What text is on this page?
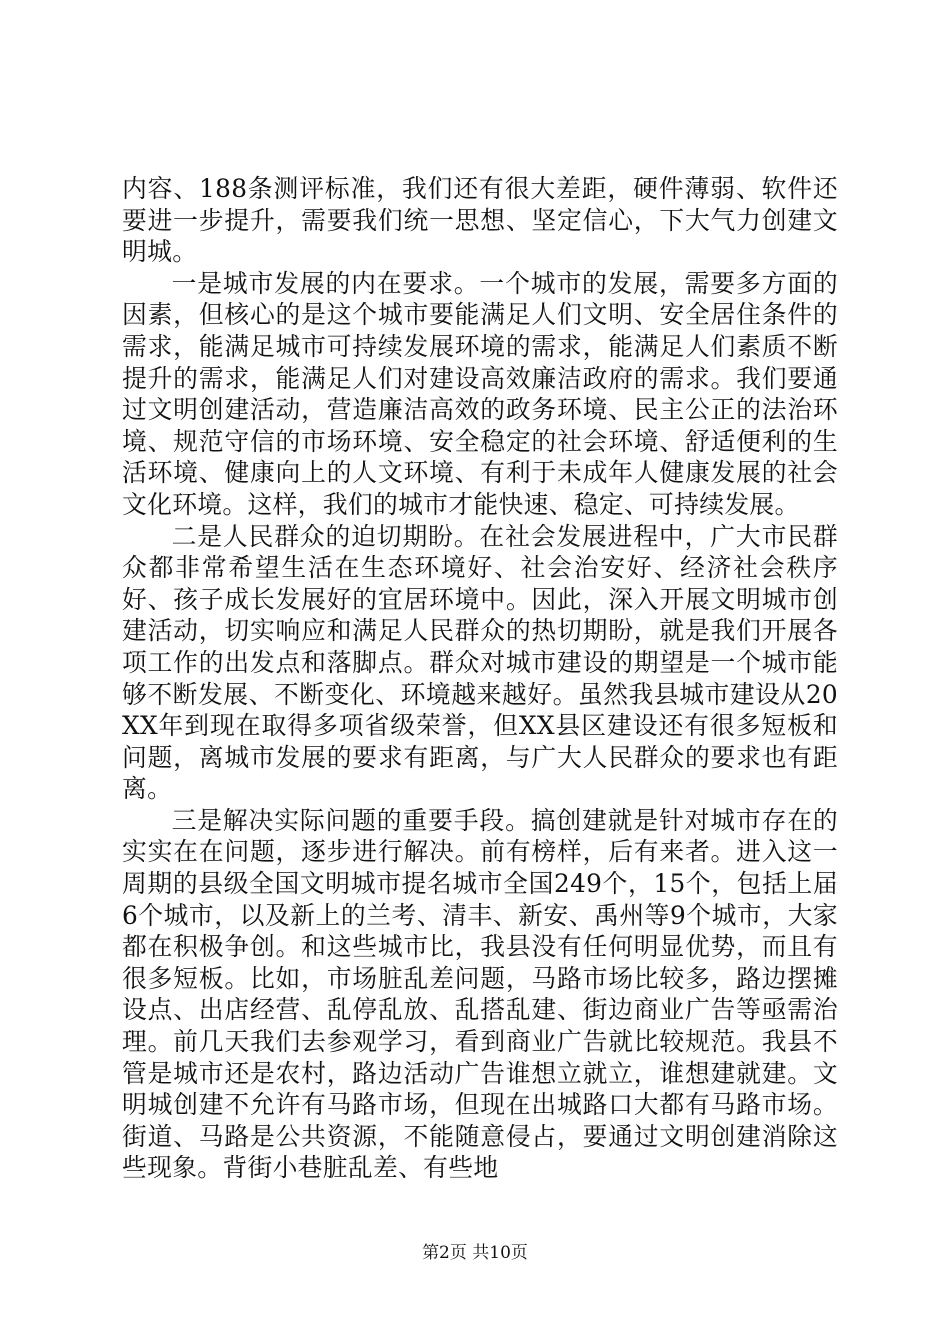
内容、188条测评标准，我们还有很大差距，硬件薄弱、软件还要进一步提升，需要我们统一思想、坚定信心，下大气力创建文明城。

一是城市发展的内在要求。一个城市的发展，需要多方面的因素，但核心的是这个城市要能满足人们文明、安全居住条件的需求，能满足城市可持续发展环境的需求，能满足人们素质不断提升的需求，能满足人们对建设高效廉洁政府的需求。我们要通过文明创建活动，营造廉洁高效的政务环境、民主公正的法治环境、规范守信的市场环境、安全稳定的社会环境、舒适便利的生活环境、健康向上的人文环境、有利于未成年人健康发展的社会文化环境。这样，我们的城市才能快速、稳定、可持续发展。

二是人民群众的迫切期盼。在社会发展进程中，广大市民群众都非常希望生活在生态环境好、社会治安好、经济社会秩序好、孩子成长发展好的宜居环境中。因此，深入开展文明城市创建活动，切实响应和满足人民群众的热切期盼，就是我们开展各项工作的出发点和落脚点。群众对城市建设的期望是一个城市能够不断发展、不断变化、环境越来越好。虽然我县城市建设从20XX年到现在取得多项省级荣誉，但XX县区建设还有很多短板和问题，离城市发展的要求有距离，与广大人民群众的要求也有距离。

三是解决实际问题的重要手段。搞创建就是针对城市存在的实实在在问题，逐步进行解决。前有榜样，后有来者。进入这一周期的县级全国文明城市提名城市全国249个，15个，包括上届6个城市，以及新上的兰考、清丰、新安、禹州等9个城市，大家都在积极争创。和这些城市比，我县没有任何明显优势，而且有很多短板。比如，市场脏乱差问题，马路市场比较多，路边摆摊设点、出店经营、乱停乱放、乱搭乱建、街边商业广告等亟需治理。前几天我们去参观学习，看到商业广告就比较规范。我县不管是城市还是农村，路边活动广告谁想立就立，谁想建就建。文明城创建不允许有马路市场，但现在出城路口大都有马路市场。街道、马路是公共资源，不能随意侵占，要通过文明创建消除这些现象。背街小巷脏乱差、有些地

第2页 共10页
